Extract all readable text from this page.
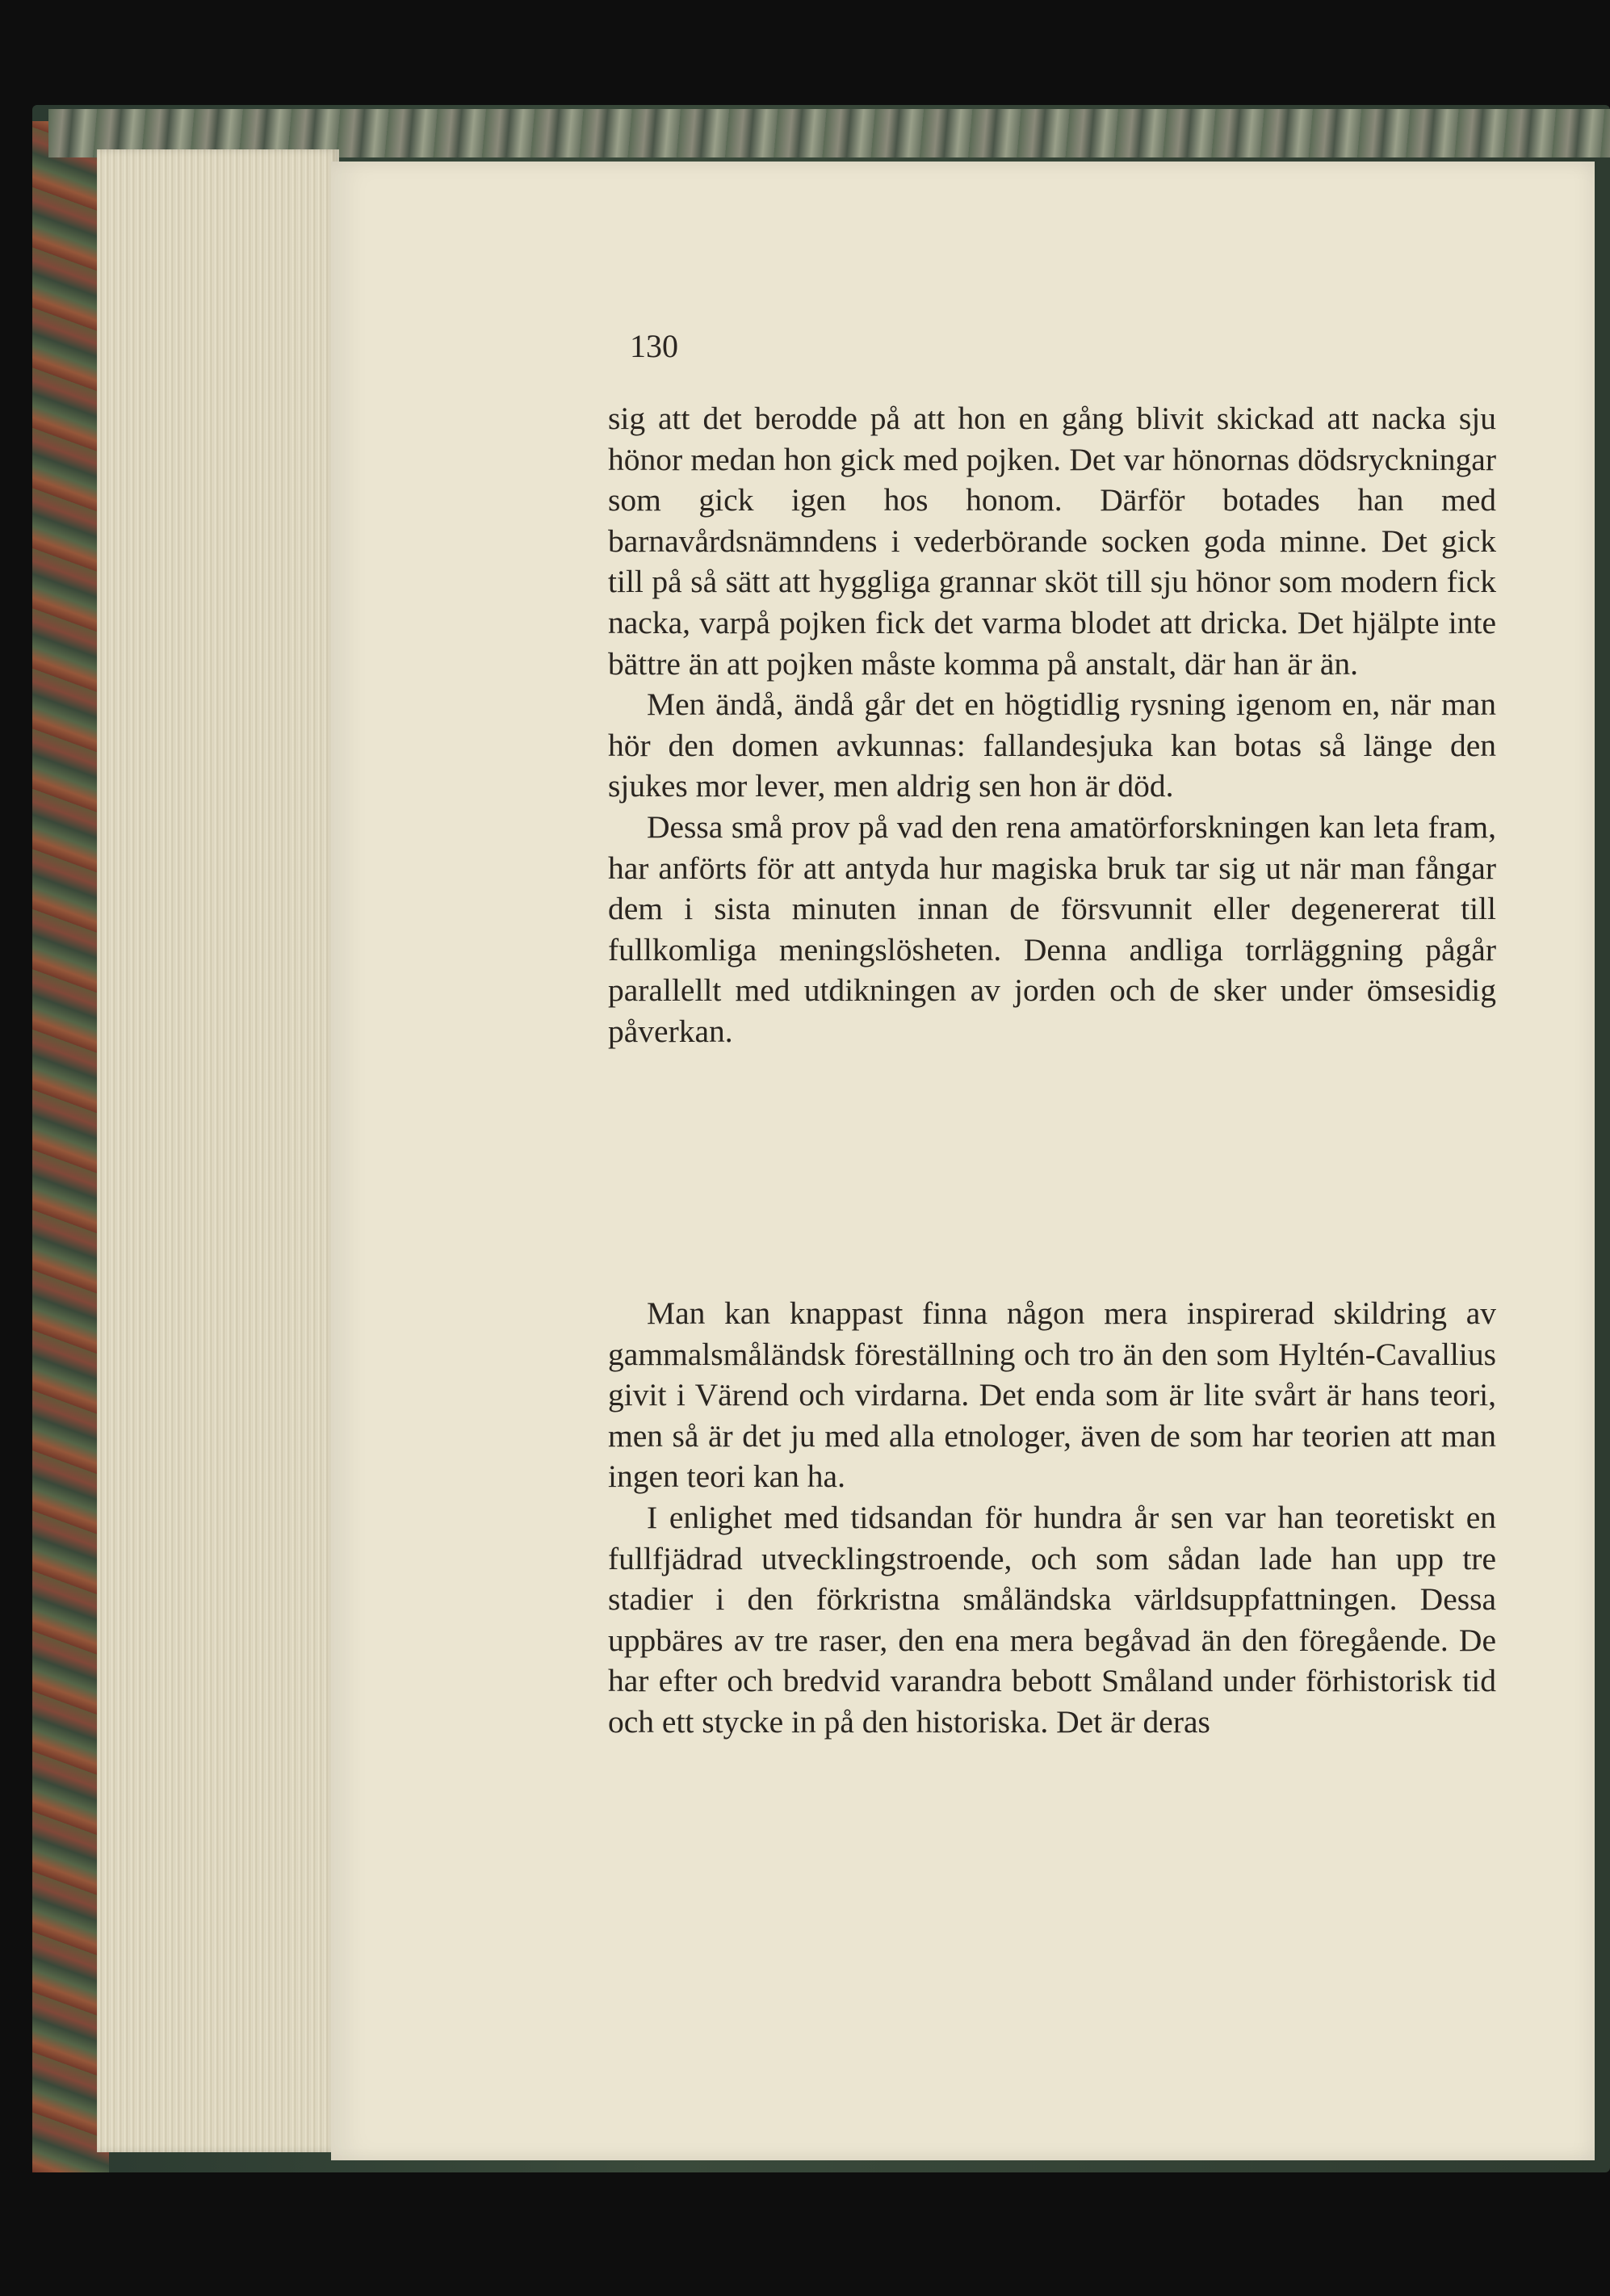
130

sig att det berodde på att hon en gång blivit skickad att nacka sju hönor medan hon gick med pojken. Det var hönornas dödsryckningar som gick igen hos honom. Därför botades han med barnavårdsnämndens i vederbörande socken goda minne. Det gick till på så sätt att hyggliga grannar sköt till sju hönor som modern fick nacka, varpå pojken fick det varma blodet att dricka. Det hjälpte inte bättre än att pojken måste komma på anstalt, där han är än.

Men ändå, ändå går det en högtidlig rysning igenom en, när man hör den domen avkunnas: fallandesjuka kan botas så länge den sjukes mor lever, men aldrig sen hon är död.

Dessa små prov på vad den rena amatörforskningen kan leta fram, har anförts för att antyda hur magiska bruk tar sig ut när man fångar dem i sista minuten innan de försvunnit eller degenererat till fullkomliga meningslösheten. Denna andliga torrläggning pågår parallellt med utdikningen av jorden och de sker under ömsesidig påverkan.

Man kan knappast finna någon mera inspirerad skildring av gammalsmåländsk föreställning och tro än den som Hyltén-Cavallius givit i Värend och virdarna. Det enda som är lite svårt är hans teori, men så är det ju med alla etnologer, även de som har teorien att man ingen teori kan ha.

I enlighet med tidsandan för hundra år sen var han teoretiskt en fullfjädrad utvecklingstroende, och som sådan lade han upp tre stadier i den förkristna småländska världsuppfattningen. Dessa uppbäres av tre raser, den ena mera begåvad än den föregående. De har efter och bredvid varandra bebott Småland under förhistorisk tid och ett stycke in på den historiska. Det är deras
